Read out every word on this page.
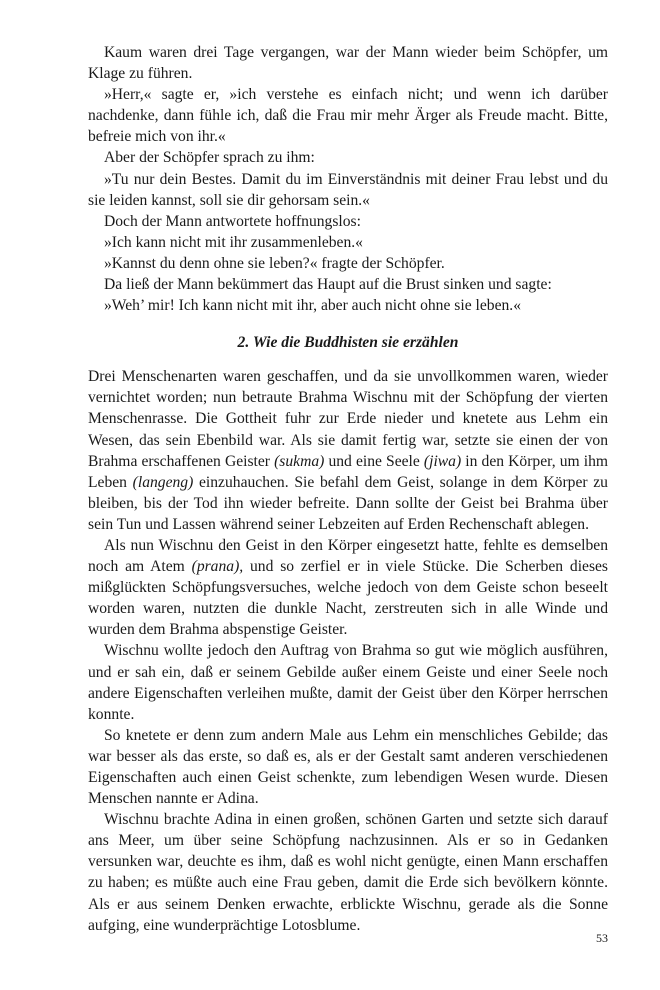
Kaum waren drei Tage vergangen, war der Mann wieder beim Schöpfer, um Klage zu führen.

»Herr,« sagte er, »ich verstehe es einfach nicht; und wenn ich darüber nachdenke, dann fühle ich, daß die Frau mir mehr Ärger als Freude macht. Bitte, befreie mich von ihr.«

Aber der Schöpfer sprach zu ihm:

»Tu nur dein Bestes. Damit du im Einverständnis mit deiner Frau lebst und du sie leiden kannst, soll sie dir gehorsam sein.«

Doch der Mann antwortete hoffnungslos:

»Ich kann nicht mit ihr zusammenleben.«

»Kannst du denn ohne sie leben?« fragte der Schöpfer.

Da ließ der Mann bekümmert das Haupt auf die Brust sinken und sagte:

»Weh’ mir! Ich kann nicht mit ihr, aber auch nicht ohne sie leben.«

2. Wie die Buddhisten sie erzählen

Drei Menschenarten waren geschaffen, und da sie unvollkommen waren, wieder vernichtet worden; nun betraute Brahma Wischnu mit der Schöpfung der vierten Menschenrasse. Die Gottheit fuhr zur Erde nieder und knetete aus Lehm ein Wesen, das sein Ebenbild war. Als sie damit fertig war, setzte sie einen der von Brahma erschaffenen Geister (sukma) und eine Seele (jiwa) in den Körper, um ihm Leben (langeng) einzuhauchen. Sie befahl dem Geist, solange in dem Körper zu bleiben, bis der Tod ihn wieder befreite. Dann sollte der Geist bei Brahma über sein Tun und Lassen während seiner Lebzeiten auf Erden Rechenschaft ablegen.

Als nun Wischnu den Geist in den Körper eingesetzt hatte, fehlte es demselben noch am Atem (prana), und so zerfiel er in viele Stücke. Die Scherben dieses mißglückten Schöpfungsversuches, welche jedoch von dem Geiste schon beseelt worden waren, nutzten die dunkle Nacht, zerstreuten sich in alle Winde und wurden dem Brahma abspenstige Geister.

Wischnu wollte jedoch den Auftrag von Brahma so gut wie möglich ausführen, und er sah ein, daß er seinem Gebilde außer einem Geiste und einer Seele noch andere Eigenschaften verleihen mußte, damit der Geist über den Körper herrschen konnte.

So knetete er denn zum andern Male aus Lehm ein menschliches Gebilde; das war besser als das erste, so daß es, als er der Gestalt samt anderen verschiedenen Eigenschaften auch einen Geist schenkte, zum lebendigen Wesen wurde. Diesen Menschen nannte er Adina.

Wischnu brachte Adina in einen großen, schönen Garten und setzte sich darauf ans Meer, um über seine Schöpfung nachzusinnen. Als er so in Gedanken versunken war, deuchte es ihm, daß es wohl nicht genügte, einen Mann erschaffen zu haben; es müßte auch eine Frau geben, damit die Erde sich bevölkern könnte. Als er aus seinem Denken erwachte, erblickte Wischnu, gerade als die Sonne aufging, eine wunderprächtige Lotosblume.

53
